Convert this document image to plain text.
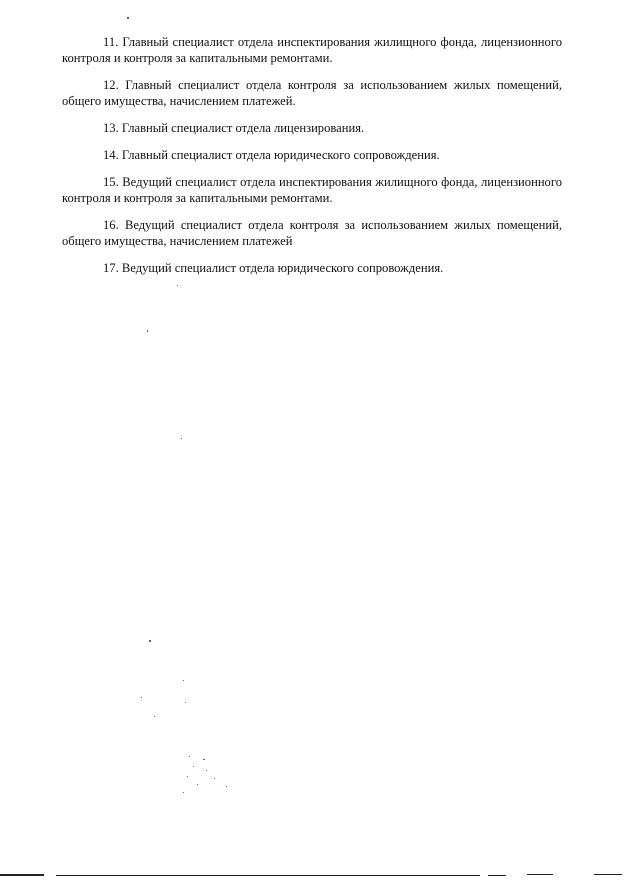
11. Главный специалист отдела инспектирования жилищного фонда, лицензионного контроля и контроля за капитальными ремонтами.

12. Главный специалист отдела контроля за использованием жилых помещений, общего имущества, начислением платежей.

13. Главный специалист отдела лицензирования.

14. Главный специалист отдела юридического сопровождения.

15. Ведущий специалист отдела инспектирования жилищного фонда, лицензионного контроля и контроля за капитальными ремонтами.

16. Ведущий специалист отдела контроля за использованием жилых помещений, общего имущества, начислением платежей

17. Ведущий специалист отдела юридического сопровождения.
